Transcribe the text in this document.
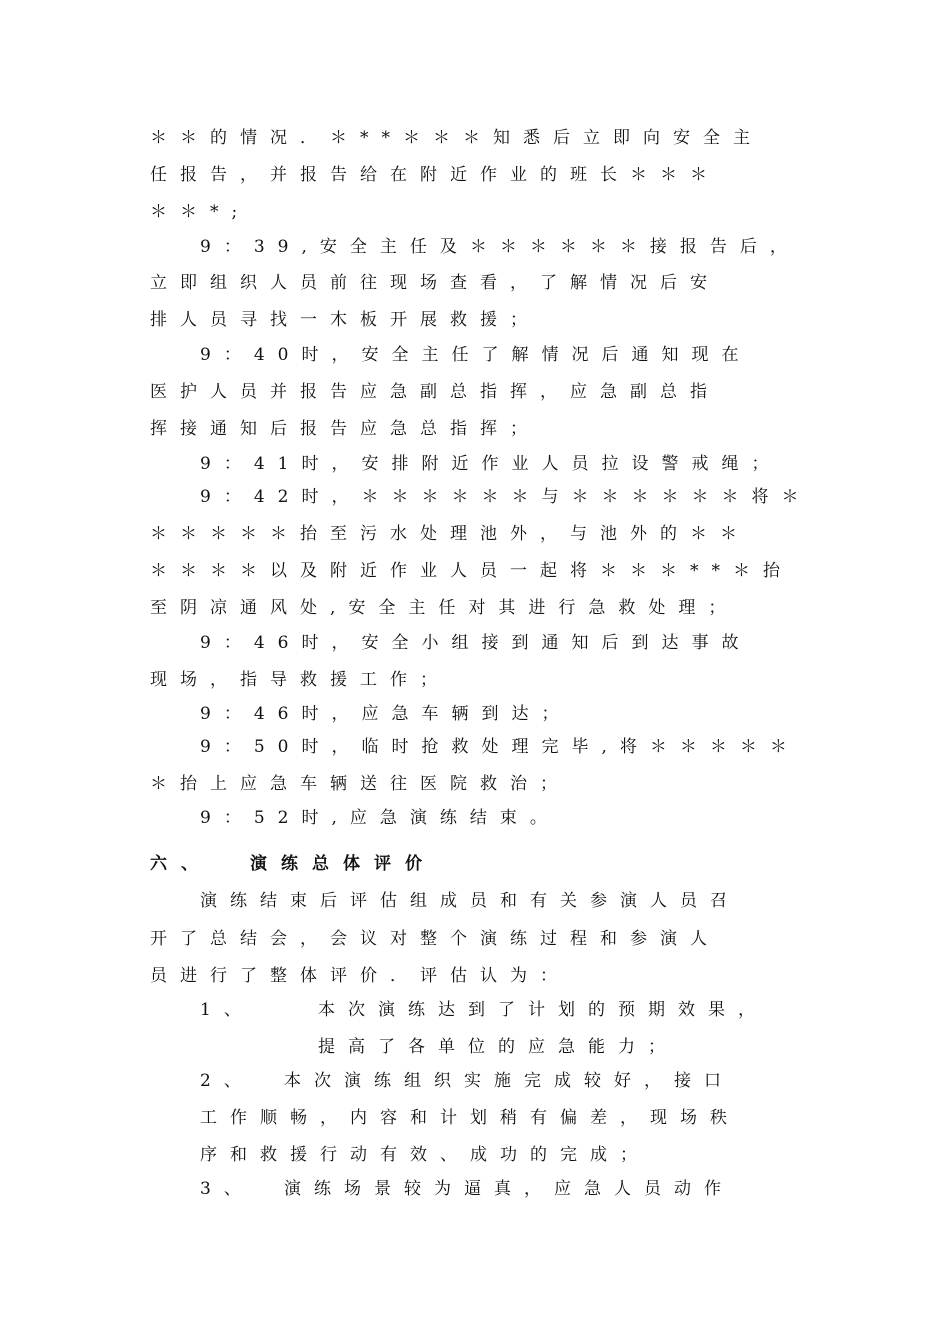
＊＊的情况．＊**＊＊＊知悉后立即向安全主
任报告，并报告给在附近作业的班长＊＊＊
＊＊*;
9：39,安全主任及＊＊＊＊＊＊接报告后，
立即组织人员前往现场查看，了解情况后安
排人员寻找一木板开展救援；
9：40时，安全主任了解情况后通知现在
医护人员并报告应急副总指挥，应急副总指
挥接通知后报告应急总指挥；
9：41时，安排附近作业人员拉设警戒绳；
9：42时，＊＊＊＊＊＊与＊＊＊＊＊＊将＊
＊＊＊＊＊抬至污水处理池外，与池外的＊＊
＊＊＊＊以及附近作业人员一起将＊＊＊**＊抬
至阴凉通风处,安全主任对其进行急救处理；
9：46时，安全小组接到通知后到达事故
现场，指导救援工作；
9：46时，应急车辆到达；
9：50时，临时抢救处理完毕,将＊＊＊＊＊
＊抬上应急车辆送往医院救治；
9：52时,应急演练结束。
六、 演练总体评价
演练结束后评估组成员和有关参演人员召
开了总结会，会议对整个演练过程和参演人
员进行了整体评价．评估认为：
1、	本次演练达到了计划的预期效果，
提高了各单位的应急能力；
2、 本次演练组织实施完成较好，接口
工作顺畅，内容和计划稍有偏差，现场秩
序和救援行动有效、成功的完成；
3、 演练场景较为逼真，应急人员动作
